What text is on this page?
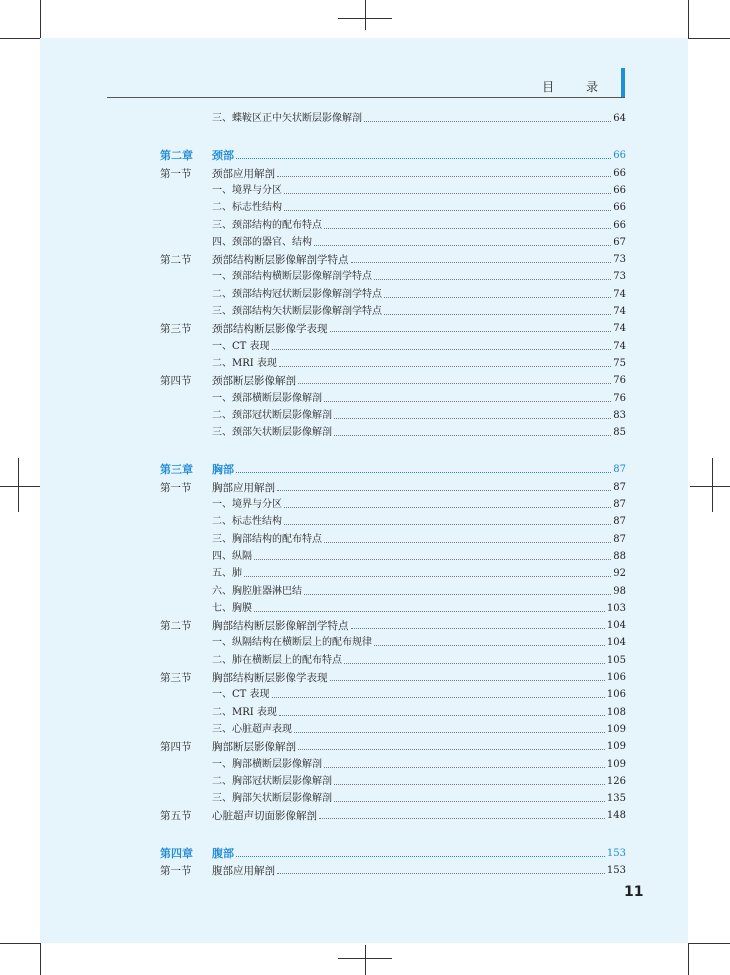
目 录
三、蝶鞍区正中矢状断层影像解剖	64
第二章	颈部	66
第一节	颈部应用解剖	66
一、境界与分区	66
二、标志性结构	66
三、颈部结构的配布特点	66
四、颈部的器官、结构	67
第二节	颈部结构断层影像解剖学特点	73
一、颈部结构横断层影像解剖学特点	73
二、颈部结构冠状断层影像解剖学特点	74
三、颈部结构矢状断层影像解剖学特点	74
第三节	颈部结构断层影像学表现	74
一、CT 表现	74
二、MRI 表现	75
第四节	颈部断层影像解剖	76
一、颈部横断层影像解剖	76
二、颈部冠状断层影像解剖	83
三、颈部矢状断层影像解剖	85
第三章	胸部	87
第一节	胸部应用解剖	87
一、境界与分区	87
二、标志性结构	87
三、胸部结构的配布特点	87
四、纵隔	88
五、肺	92
六、胸腔脏器淋巴结	98
七、胸膜	103
第二节	胸部结构断层影像解剖学特点	104
一、纵隔结构在横断层上的配布规律	104
二、肺在横断层上的配布特点	105
第三节	胸部结构断层影像学表现	106
一、CT 表现	106
二、MRI 表现	108
三、心脏超声表现	109
第四节	胸部断层影像解剖	109
一、胸部横断层影像解剖	109
二、胸部冠状断层影像解剖	126
三、胸部矢状断层影像解剖	135
第五节	心脏超声切面影像解剖	148
第四章	腹部	153
第一节	腹部应用解剖	153
11
